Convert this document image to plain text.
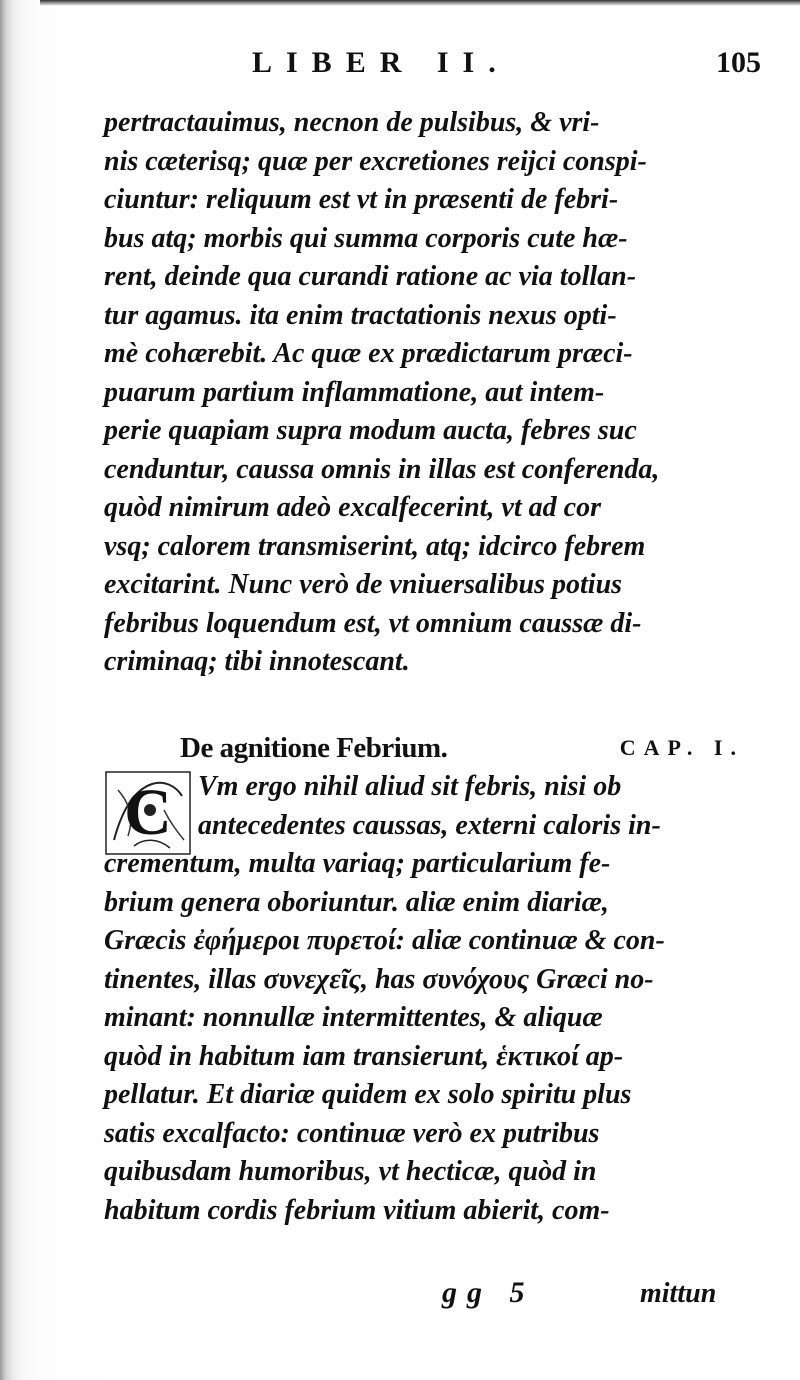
LIBER II.	105
pertractauimus, necnon de pulsibus, & vri-
nis cæterisq; quæ per excretiones reijci conspi-
ciuntur: reliquum est vt in præsenti de febri-
bus atq; morbis qui summa corporis cute hæ-
rent, deinde qua curandi ratione ac via tollan-
tur agamus. ita enim tractationis nexus opti-
mè cohærebit. Ac quæ ex prædictarum præci-
puarum partium inflammatione, aut intem-
perie quapiam supra modum aucta, febres suc
cenduntur, caussa omnis in illas est conferenda,
quòd nimirum adeò excalfecerint, vt ad cor
vsq; calorem transmiserint, atq; idcirco febrem
excitarint. Nunc verò de vniuersalibus potius
febribus loquendum est, vt omnium caussæ di-
criminaq; tibi innotescant.
De agnitione Febrium.	CAP. I.
C Vm ergo nihil aliud sit febris, nisi ob
antecedentes caussas, externi caloris in-
crementum, multa variaq; particularium fe-
brium genera oboriuntur. aliæ enim diariæ,
Græcis ἐφήμεροι πυρετοί: aliæ continuæ & con-
tinentes, illas συνεχεῖς, has συνόχους Græci no-
minant: nonnullæ intermittentes, & aliquæ
quòd in habitum iam transierunt, ἑκτικοί ap-
pellatur. Et diariæ quidem ex solo spiritu plus
satis excalfacto: continuæ verò ex putribus
quibusdam humoribus, vt hecticæ, quòd in
habitum cordis febrium vitium abierit, com-
gg 5	mittun
